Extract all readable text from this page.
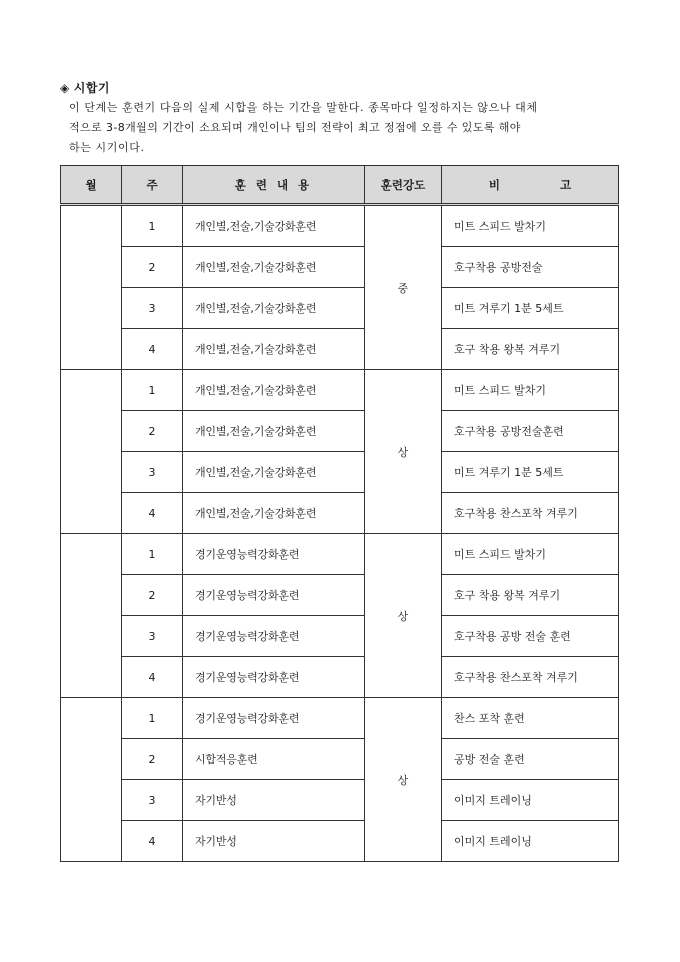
◈ 시합기

이 단계는 훈련기 다음의 실제 시합을 하는 기간을 말한다. 종목마다 일정하지는 않으나 대체

적으로 3-8개월의 기간이 소요되며 개인이나 팀의 전략이 최고 정점에 오를 수 있도록 해야

하는 시기이다.

월	주	훈 련 내 용	훈련강도	비 고
	1	개인별,전술,기술강화훈련	중	미트 스피드 발차기
	2	개인별,전술,기술강화훈련		호구착용 공방전술
	3	개인별,전술,기술강화훈련		미트 겨루기 1분 5세트
	4	개인별,전술,기술강화훈련		호구 착용 왕복 겨루기
	1	개인별,전술,기술강화훈련	상	미트 스피드 발차기
	2	개인별,전술,기술강화훈련		호구착용 공방전술훈련
	3	개인별,전술,기술강화훈련		미트 겨루기 1분 5세트
	4	개인별,전술,기술강화훈련		호구착용 찬스포착 겨루기
	1	경기운영능력강화훈련	상	미트 스피드 발차기
	2	경기운영능력강화훈련		호구 착용 왕복 겨루기
	3	경기운영능력강화훈련		호구착용 공방 전술 훈련
	4	경기운영능력강화훈련		호구착용 찬스포착 겨루기
	1	경기운영능력강화훈련	상	찬스 포착 훈련
	2	시합적응훈련		공방 전술 훈련
	3	자기반성		이미지 트레이닝
	4	자기반성		이미지 트레이닝
